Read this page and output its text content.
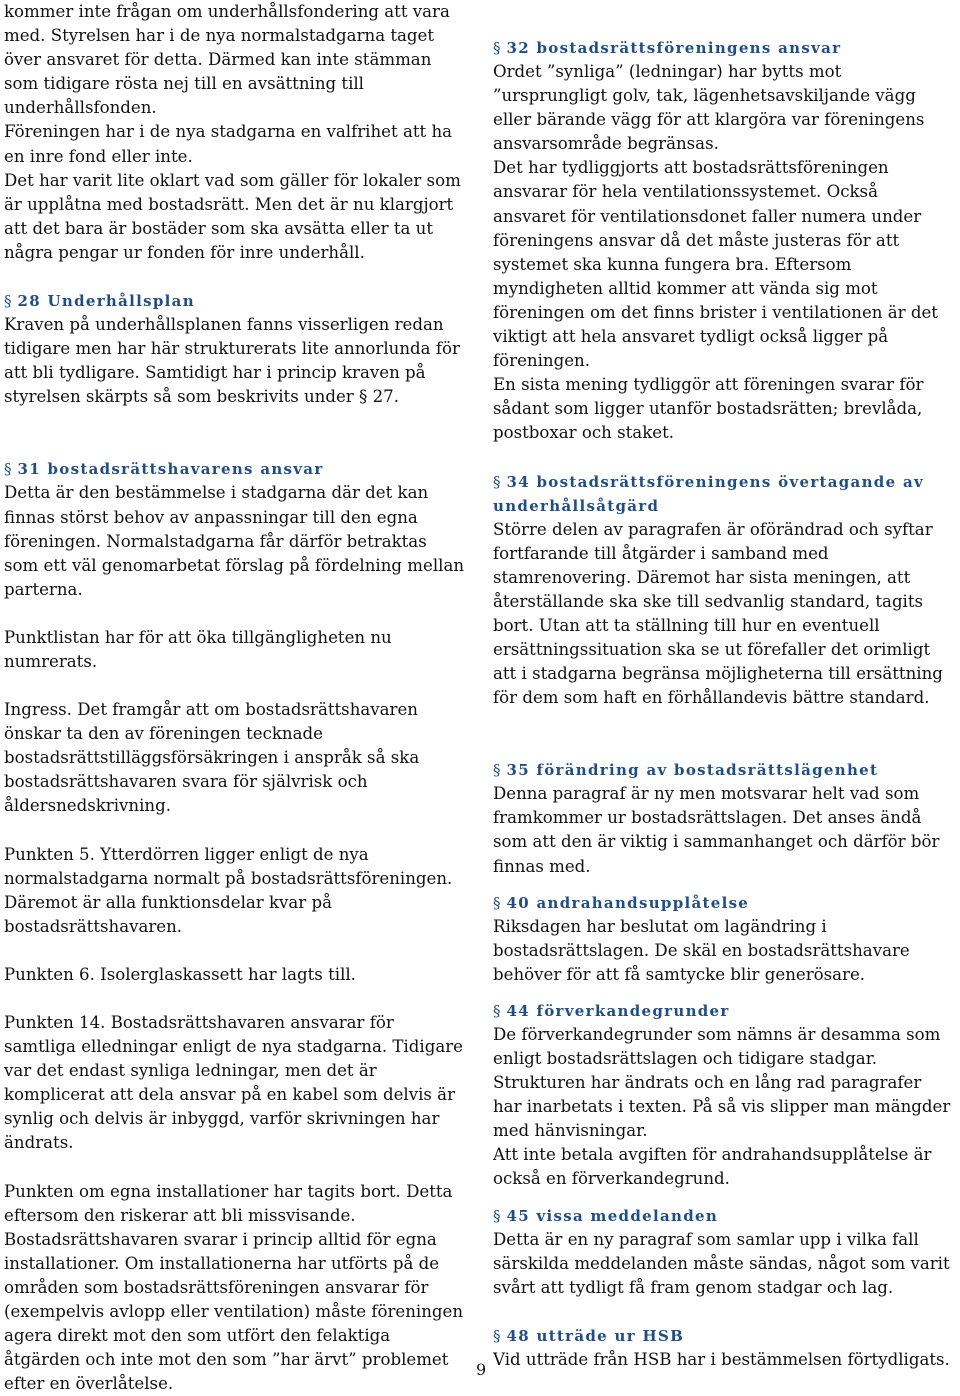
kommer inte frågan om underhållsfondering att vara med. Styrelsen har i de nya normalstadgarna taget över ansvaret för detta. Därmed kan inte stämman som tidigare rösta nej till en avsättning till underhållsfonden.

Föreningen har i de nya stadgarna en valfrihet att ha en inre fond eller inte.

Det har varit lite oklart vad som gäller för lokaler som är upplåtna med bostadsrätt. Men det är nu klargjort att det bara är bostäder som ska avsätta eller ta ut några pengar ur fonden för inre underhåll.

§ 28 Underhållsplan

Kraven på underhållsplanen fanns visserligen redan tidigare men har här strukturerats lite annorlunda för att bli tydligare. Samtidigt har i princip kraven på styrelsen skärpts så som beskrivits under § 27.

§ 31 bostadsrättshavarens ansvar

Detta är den bestämmelse i stadgarna där det kan finnas störst behov av anpassningar till den egna föreningen. Normalstadgarna får därför betraktas som ett väl genomarbetat förslag på fördelning mellan parterna.

Punktlistan har för att öka tillgängligheten nu numrerats.

Ingress. Det framgår att om bostadsrättshavaren önskar ta den av föreningen tecknade bostadsrättstilläggsförsäkringen i anspråk så ska bostadsrättshavaren svara för självrisk och åldersnedskrivning.

Punkten 5. Ytterdörren ligger enligt de nya normalstadgarna normalt på bostadsrättsföreningen. Däremot är alla funktionsdelar kvar på bostadsrättshavaren.

Punkten 6. Isolerglaskassett har lagts till.

Punkten 14. Bostadsrättshavaren ansvarar för samtliga elledningar enligt de nya stadgarna. Tidigare var det endast synliga ledningar, men det är komplicerat att dela ansvar på en kabel som delvis är synlig och delvis är inbyggd, varför skrivningen har ändrats.

Punkten om egna installationer har tagits bort. Detta eftersom den riskerar att bli missvisande. Bostadsrättshavaren svarar i princip alltid för egna installationer. Om installationerna har utförts på de områden som bostadsrättsföreningen ansvarar för (exempelvis avlopp eller ventilation) måste föreningen agera direkt mot den som utfört den felaktiga åtgärden och inte mot den som ”har ärvt” problemet efter en överlåtelse.

§ 32 bostadsrättsföreningens ansvar

Ordet ”synliga” (ledningar) har bytts mot ”ursprungligt golv, tak, lägenhetsavskiljande vägg eller bärande vägg för att klargöra var föreningens ansvarsområde begränsas.

Det har tydliggjorts att bostadsrättsföreningen ansvarar för hela ventilationssystemet. Också ansvaret för ventilationsdonet faller numera under föreningens ansvar då det måste justeras för att systemet ska kunna fungera bra. Eftersom myndigheten alltid kommer att vända sig mot föreningen om det finns brister i ventilationen är det viktigt att hela ansvaret tydligt också ligger på föreningen.

En sista mening tydliggör att föreningen svarar för sådant som ligger utanför bostadsrätten; brevlåda, postboxar och staket.

§ 34 bostadsrättsföreningens övertagande av underhållsåtgärd

Större delen av paragrafen är oförändrad och syftar fortfarande till åtgärder i samband med stamrenovering. Däremot har sista meningen, att återställande ska ske till sedvanlig standard, tagits bort. Utan att ta ställning till hur en eventuell ersättningssituation ska se ut förefaller det orimligt att i stadgarna begränsa möjligheterna till ersättning för dem som haft en förhållandevis bättre standard.

§ 35 förändring av bostadsrättslägenhet

Denna paragraf är ny men motsvarar helt vad som framkommer ur bostadsrättslagen. Det anses ändå som att den är viktig i sammanhanget och därför bör finnas med.

§ 40 andrahandsupplåtelse

Riksdagen har beslutat om lagändring i bostadsrättslagen. De skäl en bostadsrättshavare behöver för att få samtycke blir generösare.

§ 44 förverkandegrunder

De förverkandegrunder som nämns är desamma som enligt bostadsrättslagen och tidigare stadgar. Strukturen har ändrats och en lång rad paragrafer har inarbetats i texten. På så vis slipper man mängder med hänvisningar.

Att inte betala avgiften för andrahandsupplåtelse är också en förverkandegrund.

§ 45 vissa meddelanden

Detta är en ny paragraf som samlar upp i vilka fall särskilda meddelanden måste sändas, något som varit svårt att tydligt få fram genom stadgar och lag.

§ 48 utträde ur HSB

Vid utträde från HSB har i bestämmelsen förtydligats.

9
